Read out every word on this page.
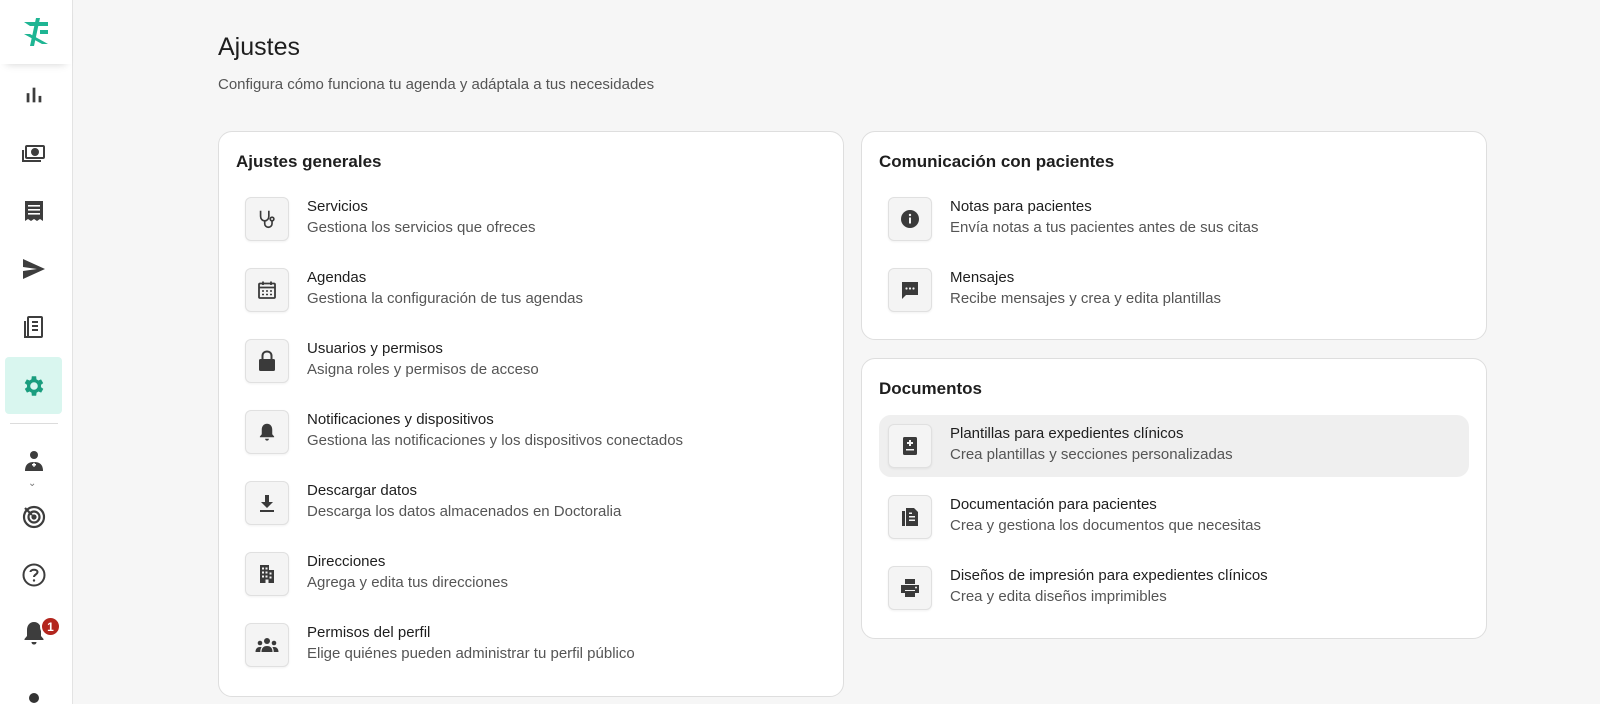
⌄
1
Ajustes

Configura cómo funciona tu agenda y adáptala a tus necesidades

Ajustes generales
Servicios
Gestiona los servicios que ofreces
Agendas
Gestiona la configuración de tus agendas
Usuarios y permisos
Asigna roles y permisos de acceso
Notificaciones y dispositivos
Gestiona las notificaciones y los dispositivos conectados
Descargar datos
Descarga los datos almacenados en Doctoralia
Direcciones
Agrega y edita tus direcciones
Permisos del perfil
Elige quiénes pueden administrar tu perfil público
Comunicación con pacientes
Notas para pacientes
Envía notas a tus pacientes antes de sus citas
Mensajes
Recibe mensajes y crea y edita plantillas
Documentos
Plantillas para expedientes clínicos
Crea plantillas y secciones personalizadas
Documentación para pacientes
Crea y gestiona los documentos que necesitas
Diseños de impresión para expedientes clínicos
Crea y edita diseños imprimibles
